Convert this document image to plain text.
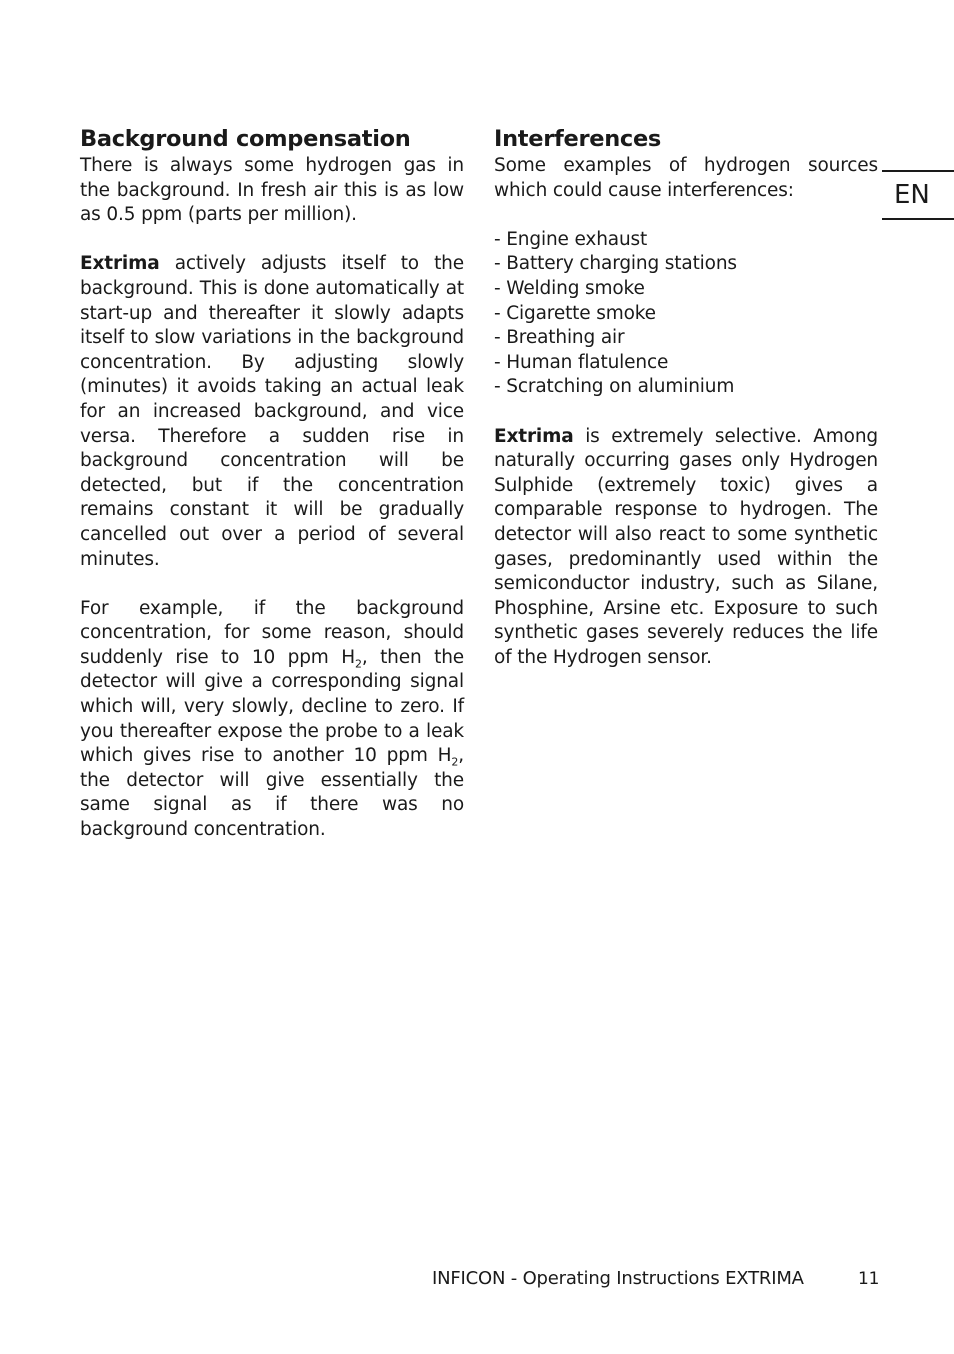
Background compensation

There is always some hydrogen gas in the background. In fresh air this is as low as 0.5 ppm (parts per million).

Extrima actively adjusts itself to the background. This is done automatically at start-up and thereafter it slowly adapts itself to slow variations in the background concentration. By adjusting slowly (minutes) it avoids taking an actual leak for an increased background, and vice versa. Therefore a sudden rise in background concentration will be detected, but if the concentration remains constant it will be gradually cancelled out over a period of several minutes.

For example, if the background concentration, for some reason, should suddenly rise to 10 ppm $H_2$, then the detector will give a corresponding signal which will, very slowly, decline to zero. If you thereafter expose the probe to a leak which gives rise to another 10 ppm $H_2$, the detector will give essentially the same signal as if there was no background concentration.

Interferences

Some examples of hydrogen sources which could cause interferences:

- Engine exhaust
- Battery charging stations
- Welding smoke
- Cigarette smoke
- Breathing air
- Human flatulence
- Scratching on aluminium

Extrima is extremely selective. Among naturally occurring gases only Hydrogen Sulphide (extremely toxic) gives a comparable response to hydrogen. The detector will also react to some synthetic gases, predominantly used within the semiconductor industry, such as Silane, Phosphine, Arsine etc. Exposure to such synthetic gases severely reduces the life of the Hydrogen sensor.

EN
INFICON - Operating Instructions EXTRIMA	11
